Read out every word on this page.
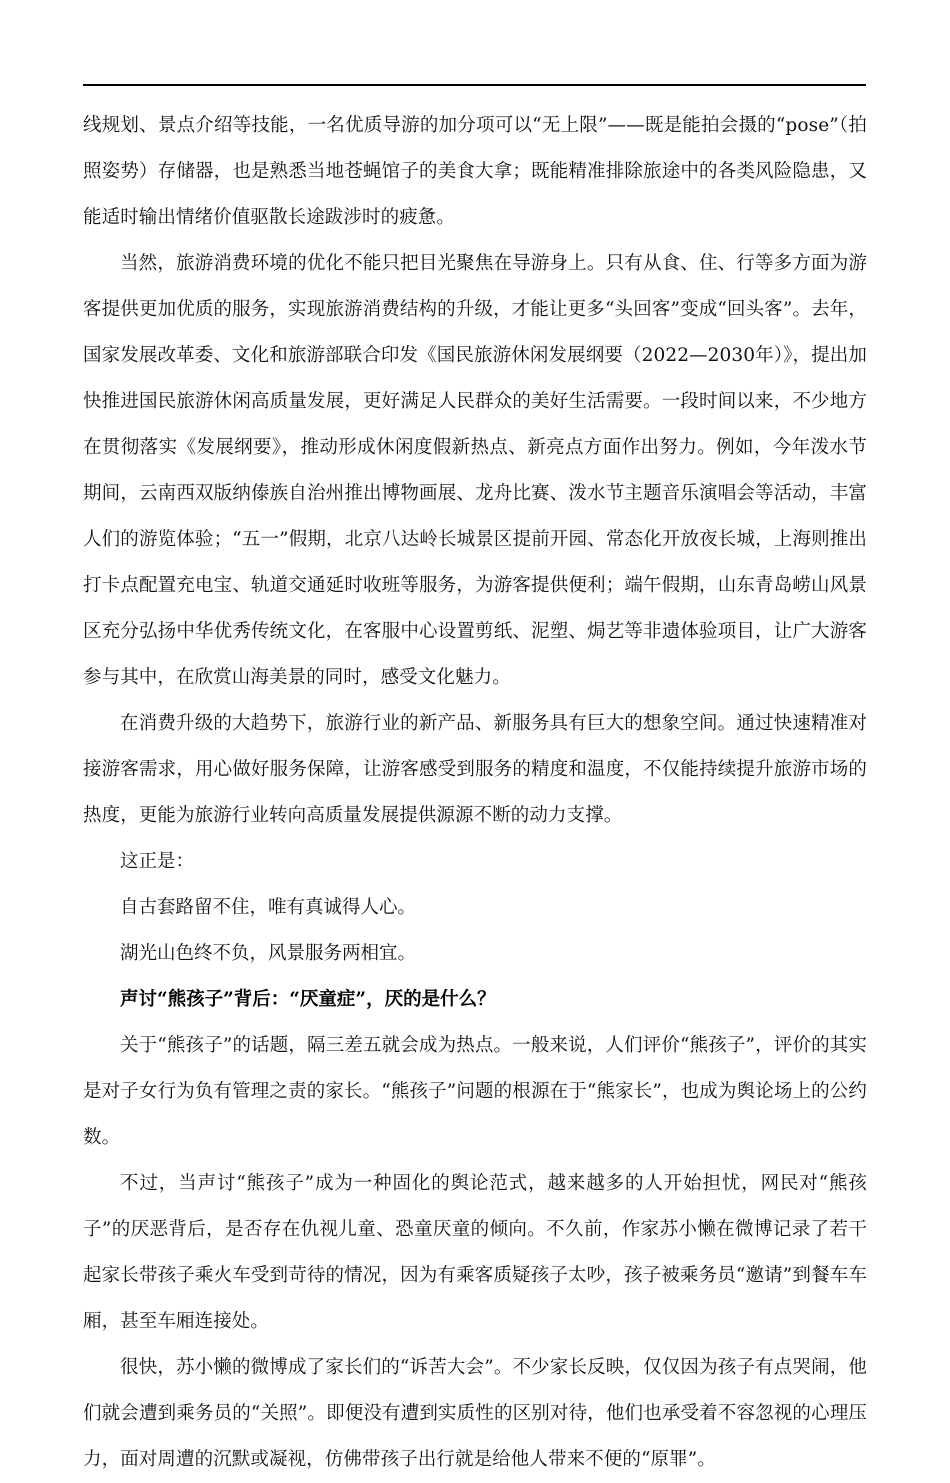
线规划、景点介绍等技能，一名优质导游的加分项可以“无上限”——既是能拍会摄的“pose”（拍照姿势）存储器，也是熟悉当地苍蝇馆子的美食大拿；既能精准排除旅途中的各类风险隐患，又能适时输出情绪价值驱散长途跋涉时的疲惫。

当然，旅游消费环境的优化不能只把目光聚焦在导游身上。只有从食、住、行等多方面为游客提供更加优质的服务，实现旅游消费结构的升级，才能让更多“头回客”变成“回头客”。去年，国家发展改革委、文化和旅游部联合印发《国民旅游休闲发展纲要（2022—2030年）》，提出加快推进国民旅游休闲高质量发展，更好满足人民群众的美好生活需要。一段时间以来，不少地方在贯彻落实《发展纲要》，推动形成休闲度假新热点、新亮点方面作出努力。例如，今年泼水节期间，云南西双版纳傣族自治州推出博物画展、龙舟比赛、泼水节主题音乐演唱会等活动，丰富人们的游览体验；“五一”假期，北京八达岭长城景区提前开园、常态化开放夜长城，上海则推出打卡点配置充电宝、轨道交通延时收班等服务，为游客提供便利；端午假期，山东青岛崂山风景区充分弘扬中华优秀传统文化，在客服中心设置剪纸、泥塑、焗艺等非遗体验项目，让广大游客参与其中，在欣赏山海美景的同时，感受文化魅力。

在消费升级的大趋势下，旅游行业的新产品、新服务具有巨大的想象空间。通过快速精准对接游客需求，用心做好服务保障，让游客感受到服务的精度和温度，不仅能持续提升旅游市场的热度，更能为旅游行业转向高质量发展提供源源不断的动力支撑。

这正是：

自古套路留不住，唯有真诚得人心。

湖光山色终不负，风景服务两相宜。

声讨“熊孩子”背后：“厌童症”，厌的是什么？

关于“熊孩子”的话题，隔三差五就会成为热点。一般来说，人们评价“熊孩子”，评价的其实是对子女行为负有管理之责的家长。“熊孩子”问题的根源在于“熊家长”，也成为舆论场上的公约数。

不过，当声讨“熊孩子”成为一种固化的舆论范式，越来越多的人开始担忧，网民对“熊孩子”的厌恶背后，是否存在仇视儿童、恐童厌童的倾向。不久前，作家苏小懒在微博记录了若干起家长带孩子乘火车受到苛待的情况，因为有乘客质疑孩子太吵，孩子被乘务员“邀请”到餐车车厢，甚至车厢连接处。

很快，苏小懒的微博成了家长们的“诉苦大会”。不少家长反映，仅仅因为孩子有点哭闹，他们就会遭到乘务员的“关照”。即便没有遭到实质性的区别对待，他们也承受着不容忽视的心理压力，面对周遭的沉默或凝视，仿佛带孩子出行就是给他人带来不便的“原罪”。
